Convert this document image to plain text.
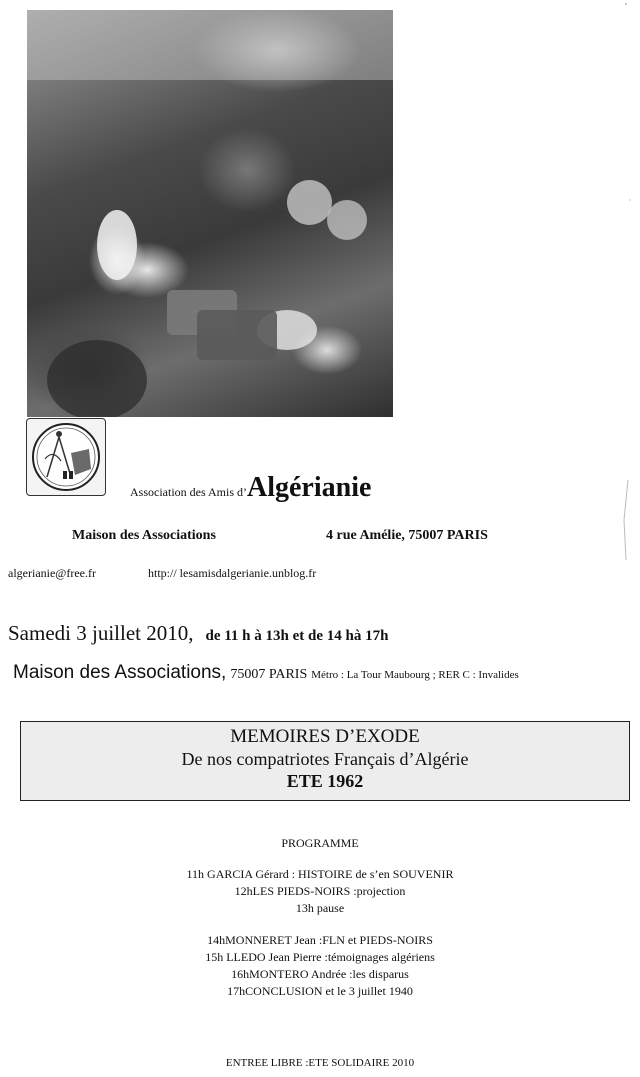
Association des Amis d’Algérianie
Maison des Associations	4 rue Amélie, 75007 PARIS
algerianie@free.fr	http:// lesamisdalgerianie.unblog.fr
Samedi 3 juillet 2010, de 11 h à 13h et de 14 hà 17h
Maison des Associations, 75007 PARIS Métro : La Tour Maubourg ; RER C : Invalides
MEMOIRES D’EXODE
De nos compatriotes Français d’Algérie
ETE 1962
PROGRAMME
11h GARCIA Gérard : HISTOIRE de s’en SOUVENIR
12hLES PIEDS-NOIRS :projection
13h pause
14hMONNERET Jean :FLN et PIEDS-NOIRS
15h LLEDO Jean Pierre :témoignages algériens
16hMONTERO Andrée :les disparus
17hCONCLUSION et le 3 juillet 1940
ENTREE LIBRE :ETE SOLIDAIRE 2010
